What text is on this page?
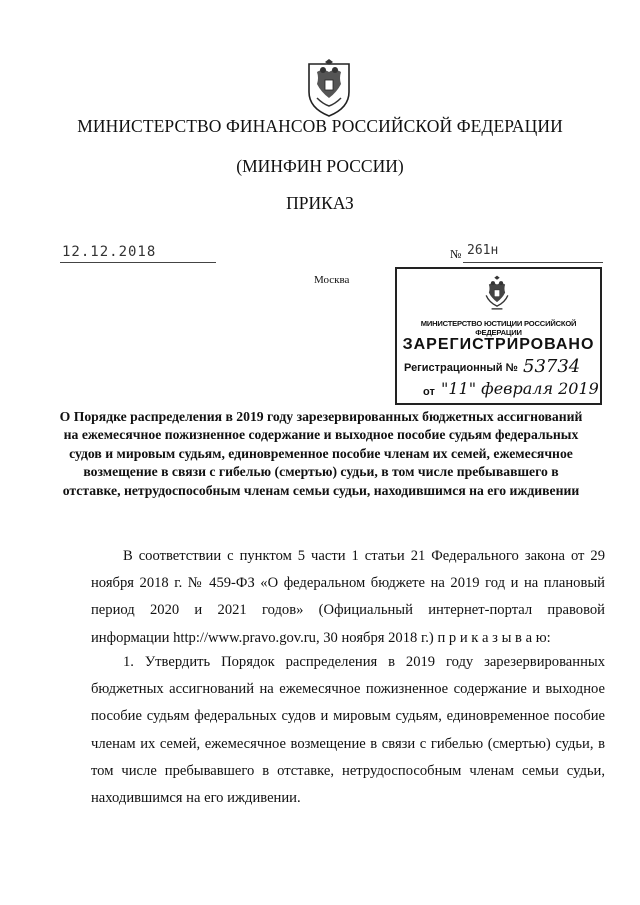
МИНИСТЕРСТВО ФИНАНСОВ РОССИЙСКОЙ ФЕДЕРАЦИИ
(МИНФИН РОССИИ)
ПРИКАЗ
12.12.2018	№ 261н
Москва
МИНИСТЕРСТВО ЮСТИЦИИ РОССИЙСКОЙ ФЕДЕРАЦИИ
ЗАРЕГИСТРИРОВАНО
Регистрационный № 53734
от "11" февраля 2019
О Порядке распределения в 2019 году зарезервированных бюджетных ассигнований на ежемесячное пожизненное содержание и выходное пособие судьям федеральных судов и мировым судьям, единовременное пособие членам их семей, ежемесячное возмещение в связи с гибелью (смертью) судьи, в том числе пребывавшего в отставке, нетрудоспособным членам семьи судьи, находившимся на его иждивении
В соответствии с пунктом 5 части 1 статьи 21 Федерального закона от 29 ноября 2018 г. № 459-ФЗ «О федеральном бюджете на 2019 год и на плановый период 2020 и 2021 годов» (Официальный интернет-портал правовой информации http://www.pravo.gov.ru, 30 ноября 2018 г.) п р и к а з ы в а ю:
1. Утвердить Порядок распределения в 2019 году зарезервированных бюджетных ассигнований на ежемесячное пожизненное содержание и выходное пособие судьям федеральных судов и мировым судьям, единовременное пособие членам их семей, ежемесячное возмещение в связи с гибелью (смертью) судьи, в том числе пребывавшего в отставке, нетрудоспособным членам семьи судьи, находившимся на его иждивении.
